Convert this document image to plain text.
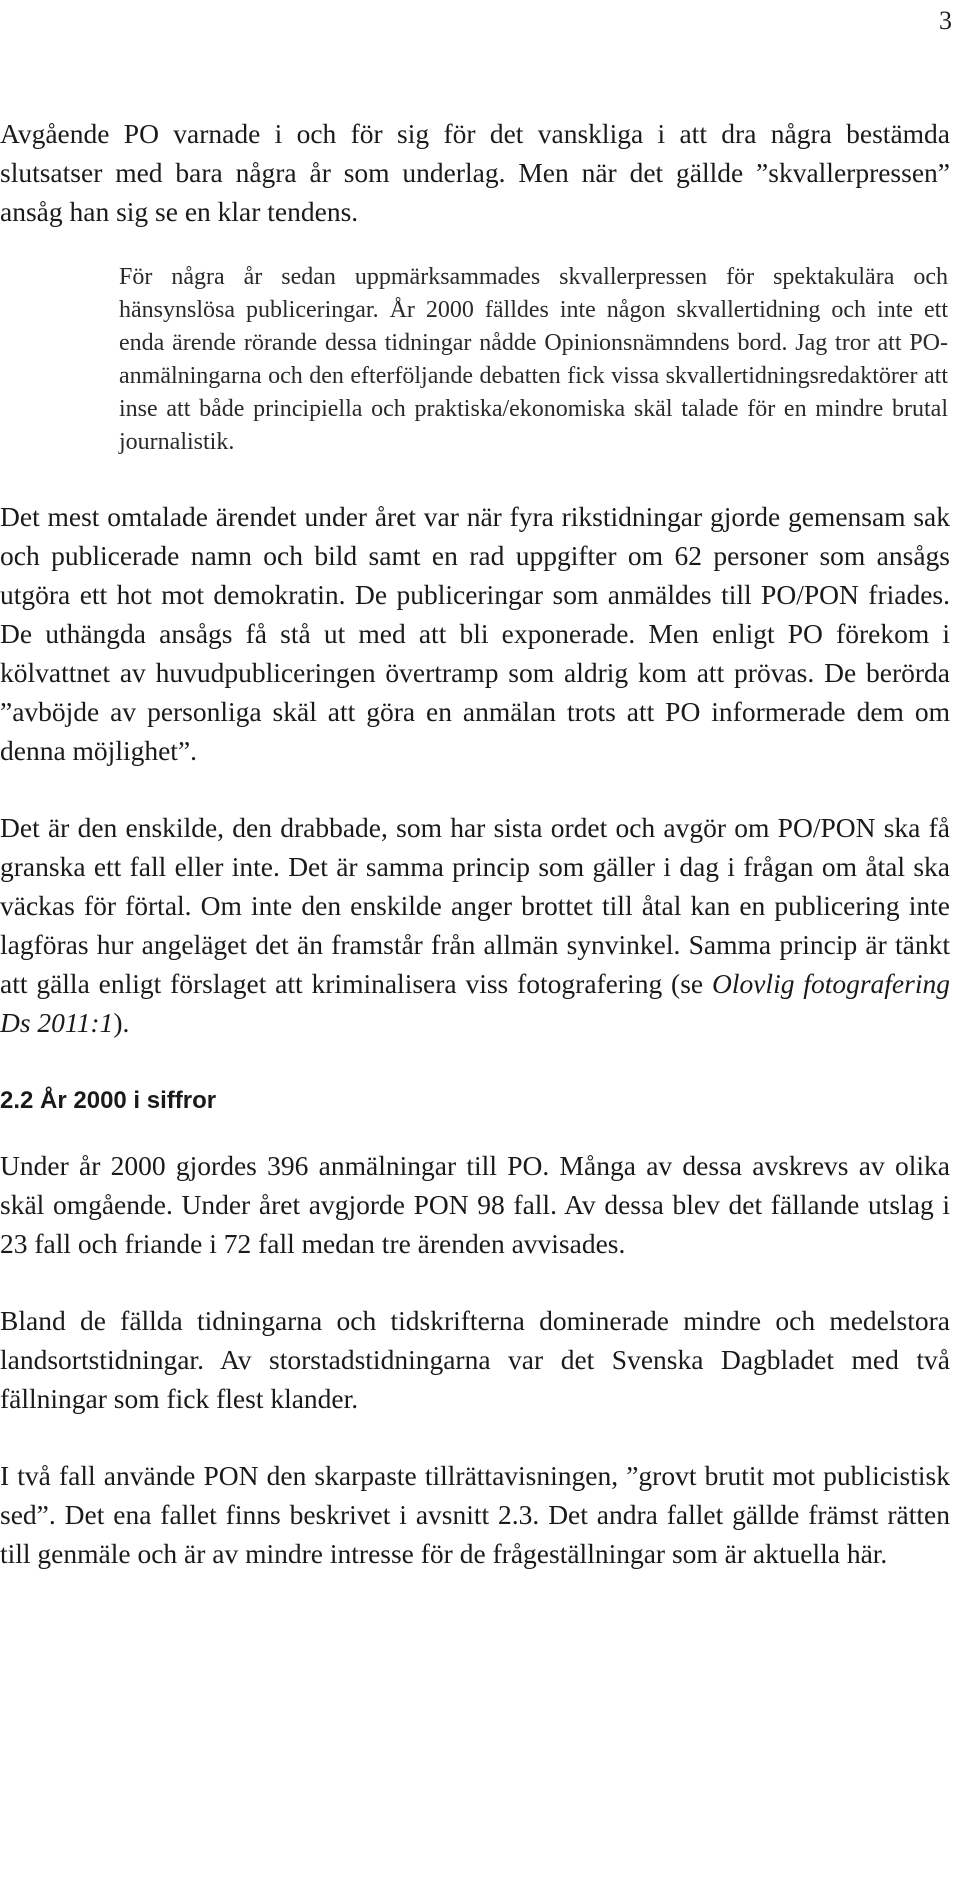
3

Avgående PO varnade i och för sig för det vanskliga i att dra några bestämda slutsatser med bara några år som underlag. Men när det gällde ”skvallerpressen” ansåg han sig se en klar tendens.

För några år sedan uppmärksammades skvallerpressen för spektakulära och hänsynslösa publiceringar. År 2000 fälldes inte någon skvallertidning och inte ett enda ärende rörande dessa tidningar nådde Opinionsnämndens bord. Jag tror att PO-anmälningarna och den efterföljande debatten fick vissa skvallertidningsredaktörer att inse att både principiella och praktiska/ekonomiska skäl talade för en mindre brutal journalistik.

Det mest omtalade ärendet under året var när fyra rikstidningar gjorde gemensam sak och publicerade namn och bild samt en rad uppgifter om 62 personer som ansågs utgöra ett hot mot demokratin. De publiceringar som anmäldes till PO/PON friades. De uthängda ansågs få stå ut med att bli exponerade. Men enligt PO förekom i kölvattnet av huvudpubliceringen övertramp som aldrig kom att prövas. De berörda ”avböjde av personliga skäl att göra en anmälan trots att PO informerade dem om denna möjlighet”.

Det är den enskilde, den drabbade, som har sista ordet och avgör om PO/PON ska få granska ett fall eller inte. Det är samma princip som gäller i dag i frågan om åtal ska väckas för förtal. Om inte den enskilde anger brottet till åtal kan en publicering inte lagföras hur angeläget det än framstår från allmän synvinkel. Samma princip är tänkt att gälla enligt förslaget att kriminalisera viss fotografering (se Olovlig fotografering Ds 2011:1).

2.2 År 2000 i siffror

Under år 2000 gjordes 396 anmälningar till PO. Många av dessa avskrevs av olika skäl omgående. Under året avgjorde PON 98 fall. Av dessa blev det fällande utslag i 23 fall och friande i 72 fall medan tre ärenden avvisades.

Bland de fällda tidningarna och tidskrifterna dominerade mindre och medelstora landsortstidningar. Av storstadstidningarna var det Svenska Dagbladet med två fällningar som fick flest klander.

I två fall använde PON den skarpaste tillrättavisningen, ”grovt brutit mot publicistisk sed”. Det ena fallet finns beskrivet i avsnitt 2.3. Det andra fallet gällde främst rätten till genmäle och är av mindre intresse för de frågeställningar som är aktuella här.
